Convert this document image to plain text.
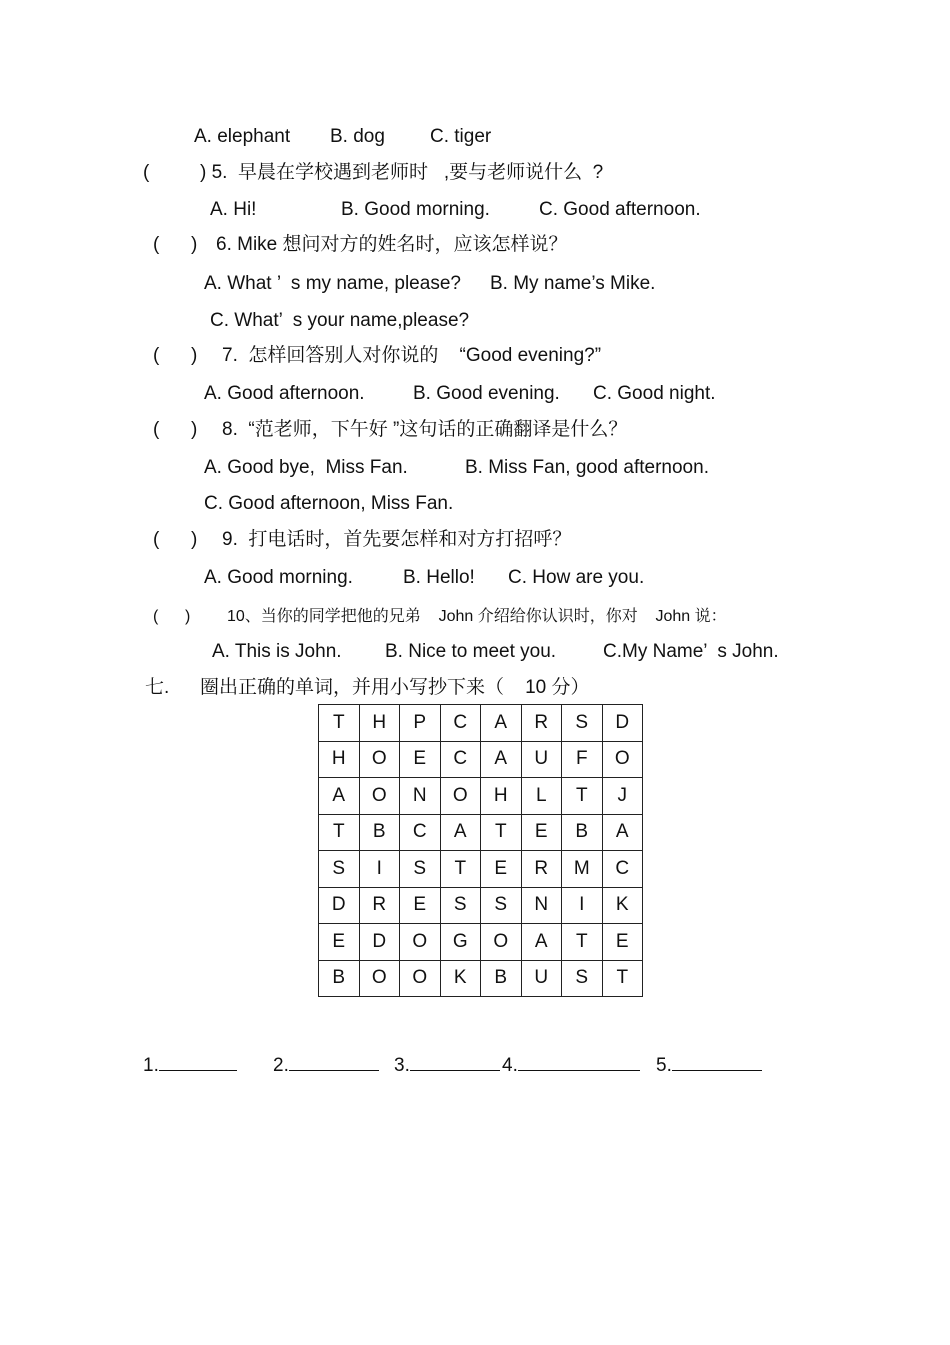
A. elephant B. dog C. tiger
(	) 5.  早晨在学校遇到老师时   ,要与老师说什么  ?
A. Hi!	B. Good morning.	C. Good afternoon.
(      ) 6. Mike 想问对方的姓名时，应该怎样说？
A. What ’  s my name, please? B. My name’s Mike.
C. What’  s your name,please?
(      ) 7.  怎样回答别人对你说的    “Good evening?”
A. Good afternoon.	B. Good evening. C. Good night.
(      ) 8.  “范老师，下午好 ”这句话的正确翻译是什么？
A. Good bye,  Miss Fan.	B. Miss Fan, good afternoon.
C. Good afternoon, Miss Fan.
(      ) 9.  打电话时，首先要怎样和对方打招呼？
A. Good morning.	B. Hello! C. How are you.
(      ) 10、当你的同学把他的兄弟    John 介绍给你认识时，你对    John 说：
A. This is John. B. Nice to meet you. C.My Name’  s John.
七. 圈出正确的单词，并用小写抄下来（    10 分）
T	H	P	C	A	R	S	D
H	O	E	C	A	U	F	O
A	O	N	O	H	L	T	J
T	B	C	A	T	E	B	A
S	I	S	T	E	R	M	C
D	R	E	S	S	N	I	K
E	D	O	G	O	A	T	E
B	O	O	K	B	U	S	T
1.	2.	3.	4.	5.
